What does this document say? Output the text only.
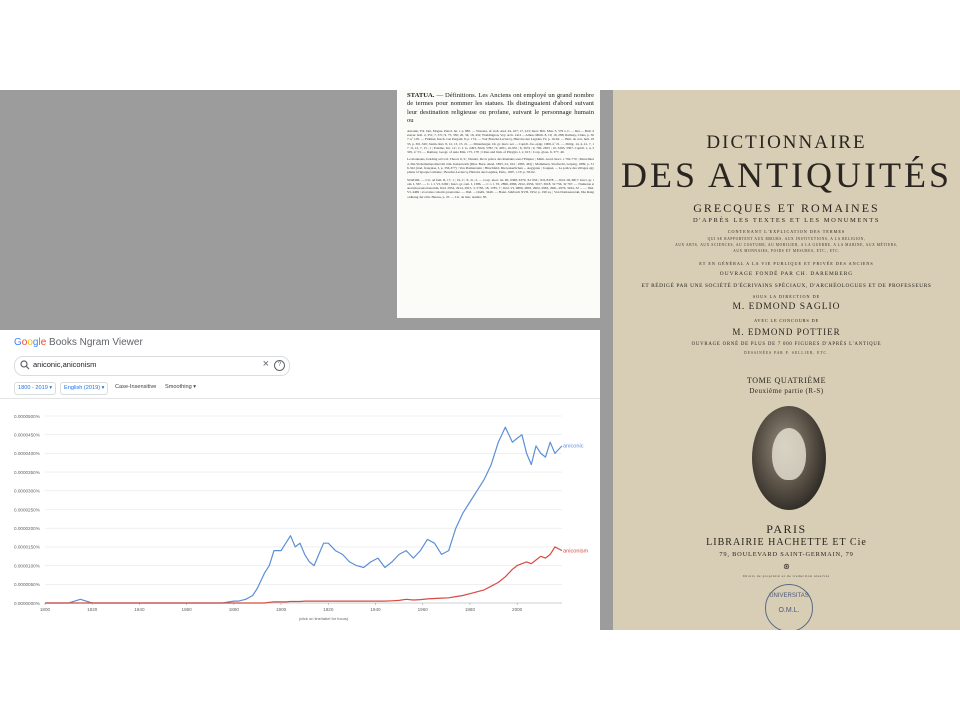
STATUA. — Définitions. Les Anciens ont employé un grand nombre de termes pour nommer les statues. Ils distinguaient d'abord suivant leur destination religieuse ou profane, suivant le personnage humain ou
Antonin, Fol. Dei, Mogue, Patrol. lat. t. p. 885. — Wasoire, af. holl. stud. 24, 167; 17, 413; Inscr. Brit. Mus. 3, 579 a. C. ... Dei. ... Bull. dessver. holl. 2, 351; 7, 371; 9, 75, 330; 20, 34; 16, 432; Waddington, Voy. arch. 1412 ... Athen. Mitth. 8, 19; 19, 286; Ramsay, Cities, p. 307, nº 105. — Fränkel, Insch. von Pergam. 8, p. 174. — Voir Bouché-Leclercq, Histoire des Lagides, IV, p. 16-62. — Bull. de corr. hell. 1933, p. 301-320; Justin. Rev. 8, 12, 13, 15, 21. — Dittenberger, Or. gr. inscr. sel. ... Capidl. Jos. epigr. 1906, nº 21. — Dittig. 14, 4, 41, 7, 17 ; 6, 12, 7, 15 ; 1 ; Polemo. Inc. 12 ; C. I. G. 2493, 5024, 5782 ; 9, 4051, 10-955 ; 6, 3074 ; 9, 790, 2653 ; 10, 3295, 3307, Capidl. 1, 4, 3305, nº 53. — Ramsay, Geogr. of Asia Min. 175, 178 ; Cities and bish. of Phrygia 1, 2, 615 ; Corp. gloss. 6. 377, 49.
Le monnaies, Isolding ad Cod. Theod. 6, 9 ; Naudet, De la police des Romains sous l'Empire ; Mém. Acad. Inscr. t. 762-770 ; Marschhold, Die Sicherheitspolizei im röm. Kaiserreich (Diss. Bern. Akad. 1893, 24, 164 ; 1895, 461) ; Mommsen, Strafrecht, Leipzig, 1899, p. 316-322 (trad. française, I, p. 356-377) ; Von Premerstein ; Hirschfeld, Die kaiserlichen ... Aegypten ; Jouguet, ... La police des villages égyptiens à l'époque romaine ; Bouché-Leclercq, Histoire des Lagides, Paris, 1907, t. IV, p. 58-62.
STATOR. — Cic. ad fam. II, 17, 1 ; 19, 2 ; X, 21, 2. — Corp. inscr. lat. III, 6368, 6379, X1 656 ; XII, 8478. — Ibid. III, 6817. Inscr. gr. rom. I, 567. — C. i. l. VI, 5260 ; Inscr. gr. rom. I, 1386. — C. i. l. VI, 2896, 2896, 2912, 2956, 3017, 3018, 32 756, 32 767. — Numerus statorum praetorianorum, Ibid. 2934, 2914, 2915, 3, 5785, 18, 1785, 7 ; Ibid. VI, 9860, 2803, 2962, 2963, 2961, 2976, 3024, 32 ... — Ibid. VI, 4469 ; evocatus cohortis praetoriae. — Ibid. ... Orelli, 3446. — Bonn. Jahrbuch XVII, 1952, p. 190 sq. ; Von Domaszewski, Die Rangordnung der röm. Heeres, p. 25. — Lit. de mar. tauthor, 85.
Google Books Ngram Viewer
aniconic,aniconism	×	?
1800 - 2019 ▾	English (2019) ▾	Case-Insensitive	Smoothing ▾
0.0000000%
0.0000050%
0.0000100%
0.0000150%
0.0000200%
0.0000250%
0.0000300%
0.0000350%
0.0000400%
0.0000450%
0.0000500%
1800	1820	1840	1860	1880	1900	1920	1940	1960	1980	2000
aniconic
aniconism
(click on line/label for focus)
DICTIONNAIRE
DES ANTIQUITÉS
GRECQUES ET ROMAINES
D'APRÈS LES TEXTES ET LES MONUMENTS
CONTENANT L'EXPLICATION DES TERMES
QUI SE RAPPORTENT AUX MŒURS, AUX INSTITUTIONS, A LA RELIGION,
AUX ARTS, AUX SCIENCES, AU COSTUME, AU MOBILIER, A LA GUERRE, A LA MARINE, AUX MÉTIERS,
AUX MONNAIES, POIDS ET MESURES, ETC., ETC.
ET EN GÉNÉRAL A LA VIE PUBLIQUE ET PRIVÉE DES ANCIENS
OUVRAGE FONDÉ PAR CH. DAREMBERG
ET RÉDIGÉ PAR UNE SOCIÉTÉ D'ÉCRIVAINS SPÉCIAUX, D'ARCHÉOLOGUES ET DE PROFESSEURS
SOUS LA DIRECTION DE
M. EDMOND SAGLIO
AVEC LE CONCOURS DE
M. EDMOND POTTIER
OUVRAGE ORNÉ DE PLUS DE 7 000 FIGURES D'APRÈS L'ANTIQUE
DESSINÉES PAR P. SELLIER, ETC.
TOME QUATRIÈME
Deuxième partie (R-S)
PARIS
LIBRAIRIE HACHETTE ET Cie
79, BOULEVARD SAINT-GERMAIN, 79
⊛
Droits de propriété et de traduction réservés
UNIVERSITAS
O.M.L.
